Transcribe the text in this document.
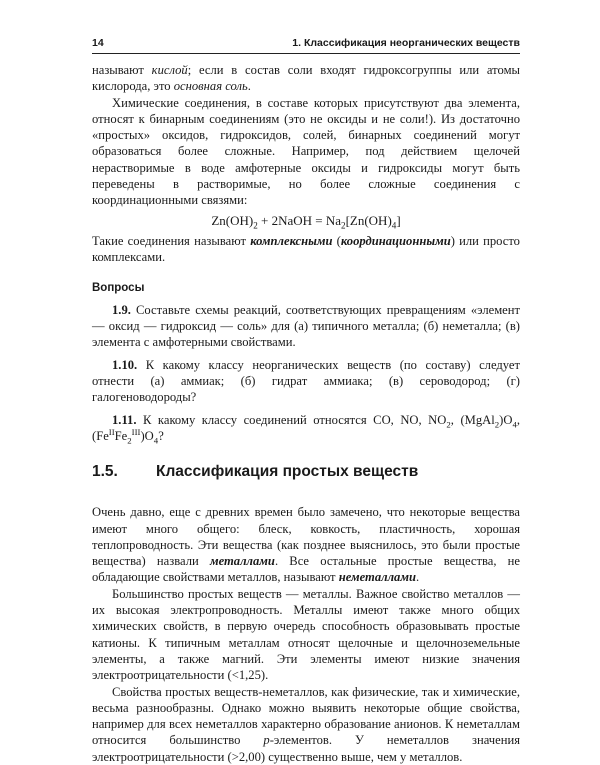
14	1. Классификация неорганических веществ

называют кислой; если в состав соли входят гидроксогруппы или атомы кислорода, это основная соль.

Химические соединения, в составе которых присутствуют два элемента, относят к бинарным соединениям (это не оксиды и не соли!). Из достаточно «простых» оксидов, гидроксидов, солей, бинарных соединений могут образоваться более сложные. Например, под действием щелочей нерастворимые в воде амфотерные оксиды и гидроксиды могут быть переведены в растворимые, но более сложные соединения с координационными связями:

$Zn(OH)_2$ + 2NaOH = $Na_2[Zn(OH)_4]$

Такие соединения называют комплексными (координационными) или просто комплексами.

Вопросы

1.9. Составьте схемы реакций, соответствующих превращениям «элемент — оксид — гидроксид — соль» для (а) типичного металла; (б) неметалла; (в) элемента с амфотерными свойствами.

1.10. К какому классу неорганических веществ (по составу) следует отнести (а) аммиак; (б) гидрат аммиака; (в) сероводород; (г) галогеноводороды?

1.11. К какому классу соединений относятся CO, NO, $NO_2$, $(MgAl_2)O_4$, $(Fe^{II}Fe_2^{III})O_4$?

1.5. Классификация простых веществ

Очень давно, еще с древних времен было замечено, что некоторые вещества имеют много общего: блеск, ковкость, пластичность, хорошая теплопроводность. Эти вещества (как позднее выяснилось, это были простые вещества) назвали металлами. Все остальные простые вещества, не обладающие свойствами металлов, называют неметаллами.

Большинство простых веществ — металлы. Важное свойство металлов — их высокая электропроводность. Металлы имеют также много общих химических свойств, в первую очередь способность образовывать простые катионы. К типичным металлам относят щелочные и щелочноземельные элементы, а также магний. Эти элементы имеют низкие значения электроотрицательности (<1,25).

Свойства простых веществ-неметаллов, как физические, так и химические, весьма разнообразны. Однако можно выявить некоторые общие свойства, например для всех неметаллов характерно образование анионов. К неметаллам относится большинство p-элементов. У неметаллов значения электроотрицательности (>2,00) существенно выше, чем у металлов.
